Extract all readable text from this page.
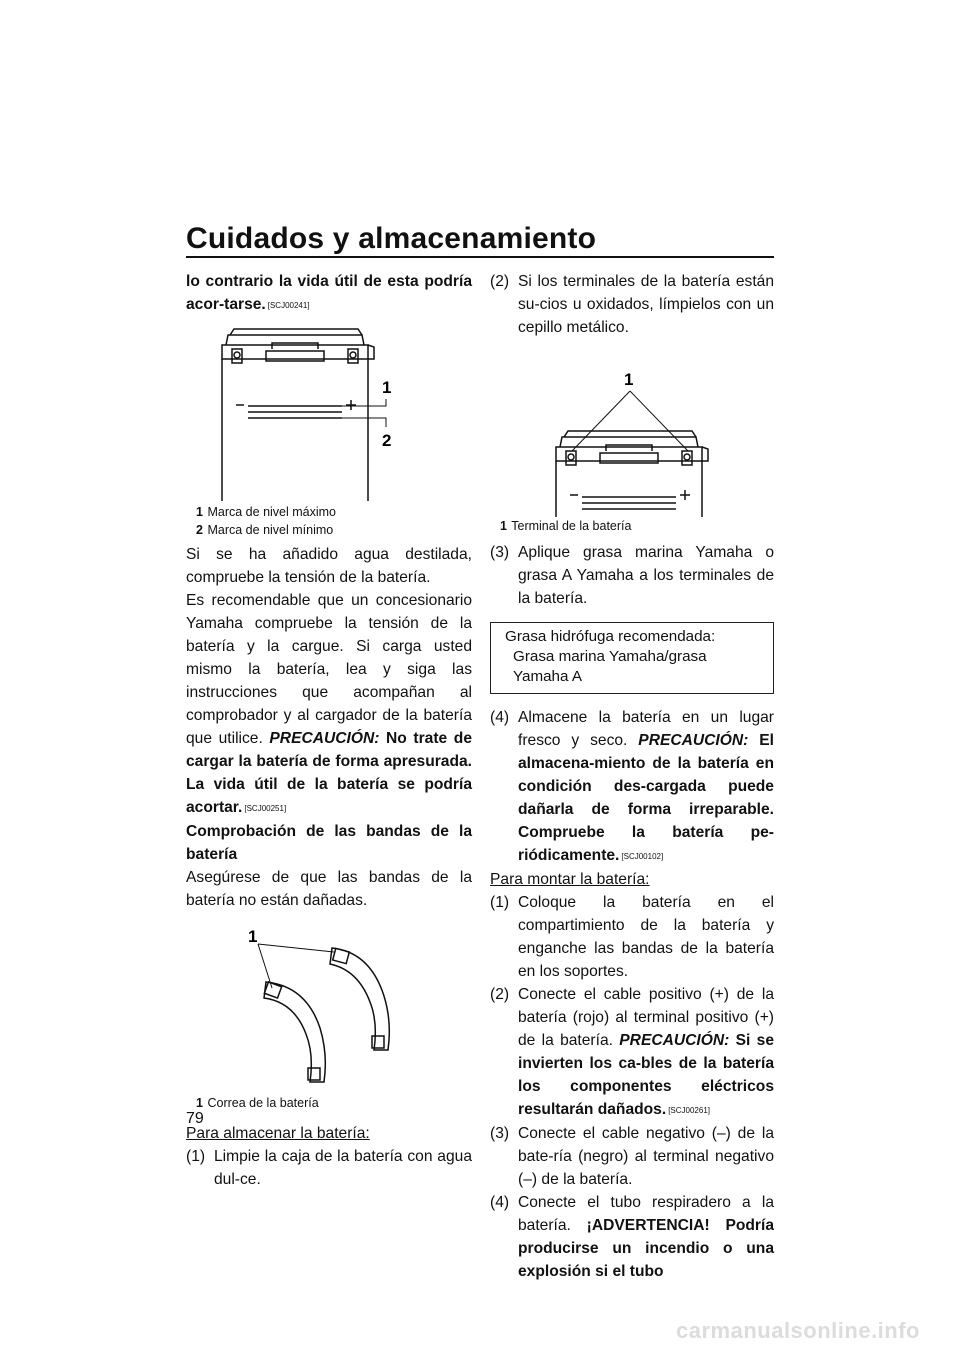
Cuidados y almacenamiento

lo contrario la vida útil de esta podría acor-tarse. [SCJ00241]

1
2

1 Marca de nivel máximo

2 Marca de nivel mínimo

Si se ha añadido agua destilada, compruebe la tensión de la batería.

Es recomendable que un concesionario Yamaha compruebe la tensión de la batería y la cargue. Si carga usted mismo la batería, lea y siga las instrucciones que acompañan al comprobador y al cargador de la batería que utilice. PRECAUCIÓN: No trate de cargar la batería de forma apresurada. La vida útil de la batería se podría acortar. [SCJ00251]

Comprobación de las bandas de la batería

Asegúrese de que las bandas de la batería no están dañadas.

1

1 Correa de la batería

Para almacenar la batería:

(1) Limpie la caja de la batería con agua dul-ce.
(2) Si los terminales de la batería están su-cios u oxidados, límpielos con un cepillo metálico.
1

1 Terminal de la batería

(3) Aplique grasa marina Yamaha o grasa A Yamaha a los terminales de la batería.
Grasa hidrófuga recomendada:
Grasa marina Yamaha/grasa Yamaha A
(4) Almacene la batería en un lugar fresco y seco. PRECAUCIÓN: El almacena-miento de la batería en condición des-cargada puede dañarla de forma irreparable. Compruebe la batería pe-riódicamente. [SCJ00102]

Para montar la batería:

(1) Coloque la batería en el compartimiento de la batería y enganche las bandas de la batería en los soportes.
(2) Conecte el cable positivo (+) de la batería (rojo) al terminal positivo (+) de la batería. PRECAUCIÓN: Si se invierten los ca-bles de la batería los componentes eléctricos resultarán dañados. [SCJ00261]
(3) Conecte el cable negativo (–) de la bate-ría (negro) al terminal negativo (–) de la batería.
(4) Conecte el tubo respiradero a la batería. ¡ADVERTENCIA! Podría producirse un incendio o una explosión si el tubo
79
carmanualsonline.info
